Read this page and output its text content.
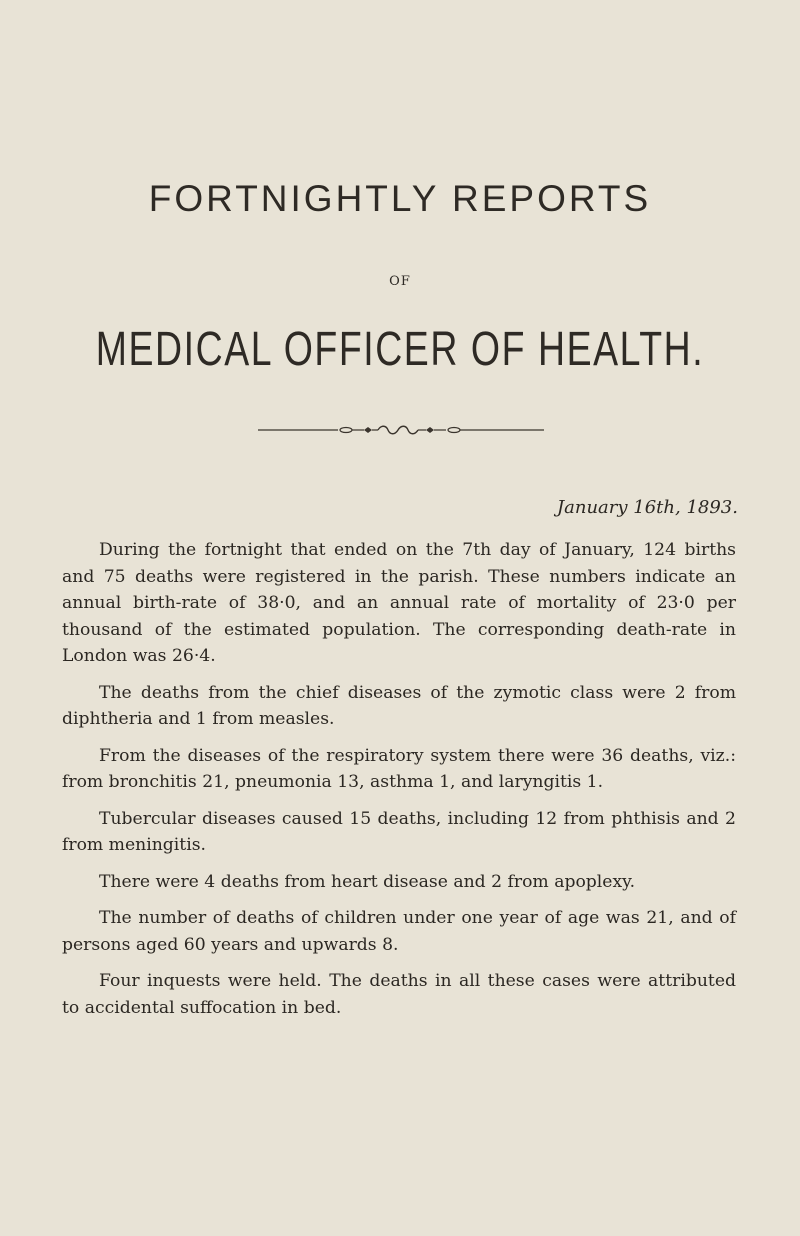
FORTNIGHTLY REPORTS
OF
MEDICAL OFFICER OF HEALTH.
January 16th, 1893.

During the fortnight that ended on the 7th day of January, 124 births and 75 deaths were registered in the parish. These numbers indicate an annual birth-rate of 38·0, and an annual rate of mortality of 23·0 per thousand of the estimated population. The corresponding death-rate in London was 26·4.

The deaths from the chief diseases of the zymotic class were 2 from diphtheria and 1 from measles.

From the diseases of the respiratory system there were 36 deaths, viz.: from bronchitis 21, pneumonia 13, asthma 1, and laryngitis 1.

Tubercular diseases caused 15 deaths, including 12 from phthisis and 2 from meningitis.

There were 4 deaths from heart disease and 2 from apoplexy.

The number of deaths of children under one year of age was 21, and of persons aged 60 years and upwards 8.

Four inquests were held. The deaths in all these cases were attributed to accidental suffocation in bed.
